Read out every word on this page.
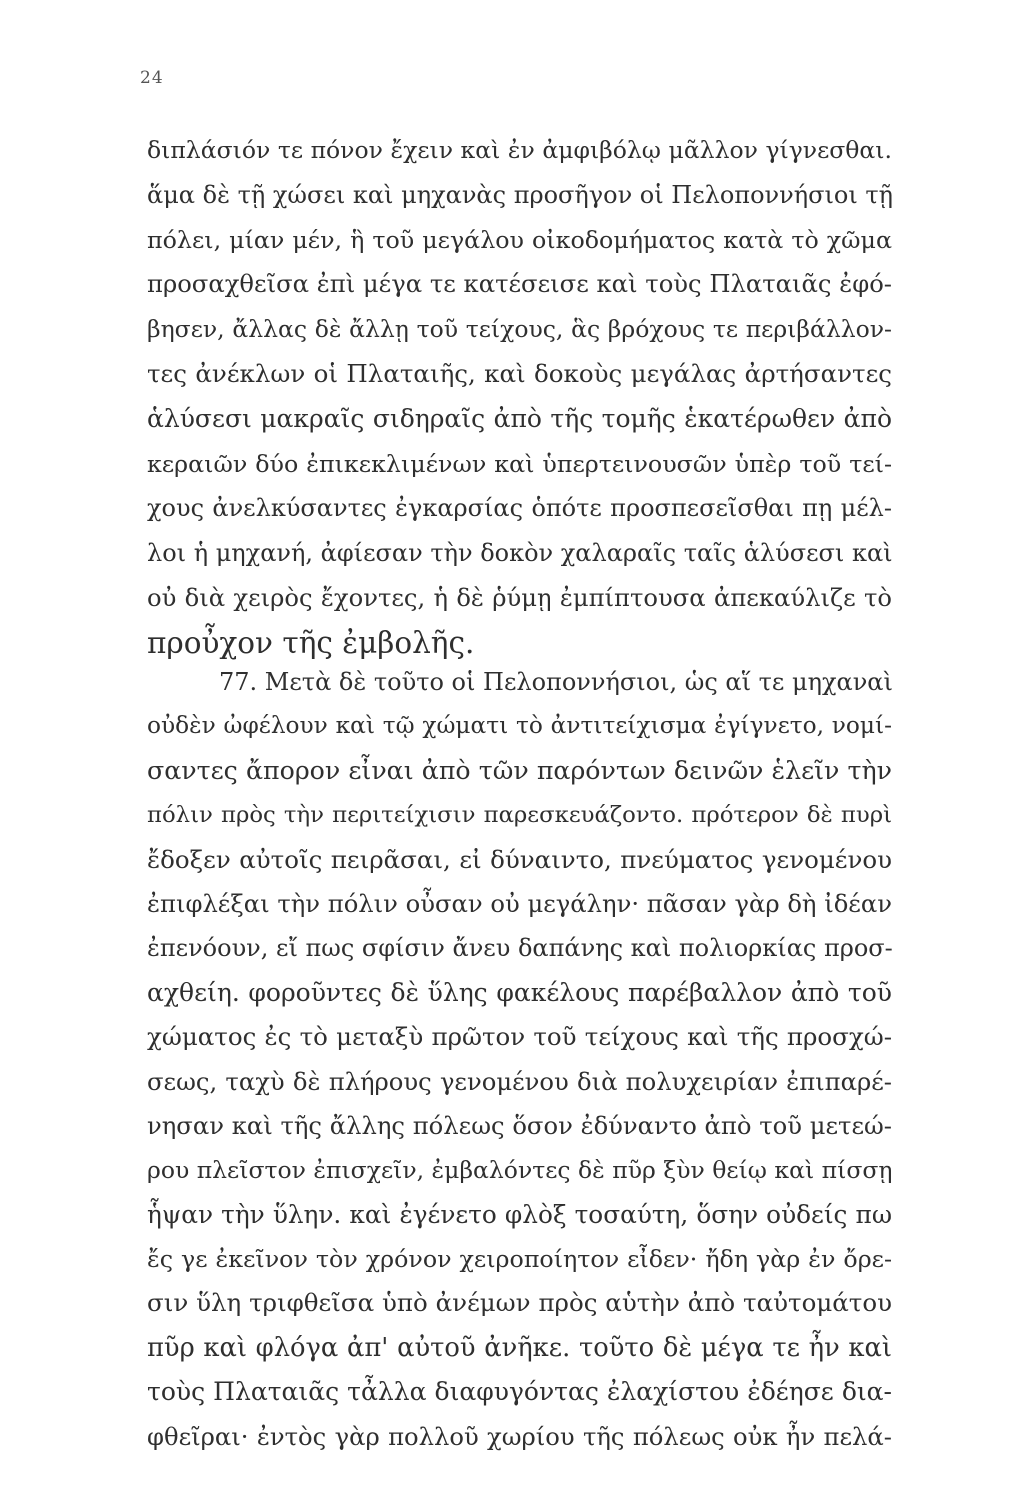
24
διπλάσιόν τε πόνον ἔχειν καὶ ἐν ἀμφιβόλῳ μᾶλλον γίγνεσθαι.
ἅμα δὲ τῇ χώσει καὶ μηχανὰς προσῆγον οἱ Πελοποννήσιοι τῇ
πόλει, μίαν μέν, ἣ τοῦ μεγάλου οἰκοδομήματος κατὰ τὸ χῶμα
προσαχθεῖσα ἐπὶ μέγα τε κατέσεισε καὶ τοὺς Πλαταιᾶς ἐφό-
βησεν, ἄλλας δὲ ἄλλῃ τοῦ τείχους, ἃς βρόχους τε περιβάλλον-
τες ἀνέκλων οἱ Πλαταιῆς, καὶ δοκοὺς μεγάλας ἀρτήσαντες
ἁλύσεσι μακραῖς σιδηραῖς ἀπὸ τῆς τομῆς ἑκατέρωθεν ἀπὸ
κεραιῶν δύο ἐπικεκλιμένων καὶ ὑπερτεινουσῶν ὑπὲρ τοῦ τεί-
χους ἀνελκύσαντες ἐγκαρσίας ὁπότε προσπεσεῖσθαι πῃ μέλ-
λοι ἡ μηχανή, ἀφίεσαν τὴν δοκὸν χαλαραῖς ταῖς ἁλύσεσι καὶ
οὐ διὰ χειρὸς ἔχοντες, ἡ δὲ ῥύμῃ ἐμπίπτουσα ἀπεκαύλιζε τὸ
προὖχον τῆς ἐμβολῆς.
77. Μετὰ δὲ τοῦτο οἱ Πελοποννήσιοι, ὡς αἵ τε μηχαναὶ
οὐδὲν ὠφέλουν καὶ τῷ χώματι τὸ ἀντιτείχισμα ἐγίγνετο, νομί-
σαντες ἄπορον εἶναι ἀπὸ τῶν παρόντων δεινῶν ἑλεῖν τὴν
πόλιν πρὸς τὴν περιτείχισιν παρεσκευάζοντο. πρότερον δὲ πυρὶ
ἔδοξεν αὐτοῖς πειρᾶσαι, εἰ δύναιντο, πνεύματος γενομένου
ἐπιφλέξαι τὴν πόλιν οὖσαν οὐ μεγάλην· πᾶσαν γὰρ δὴ ἰδέαν
ἐπενόουν, εἴ πως σφίσιν ἄνευ δαπάνης καὶ πολιορκίας προσ-
αχθείη. φοροῦντες δὲ ὕλης φακέλους παρέβαλλον ἀπὸ τοῦ
χώματος ἐς τὸ μεταξὺ πρῶτον τοῦ τείχους καὶ τῆς προσχώ-
σεως, ταχὺ δὲ πλήρους γενομένου διὰ πολυχειρίαν ἐπιπαρέ-
νησαν καὶ τῆς ἄλλης πόλεως ὅσον ἐδύναντο ἀπὸ τοῦ μετεώ-
ρου πλεῖστον ἐπισχεῖν, ἐμβαλόντες δὲ πῦρ ξὺν θείῳ καὶ πίσσῃ
ἧψαν τὴν ὕλην. καὶ ἐγένετο φλὸξ τοσαύτη, ὅσην οὐδείς πω
ἔς γε ἐκεῖνον τὸν χρόνον χειροποίητον εἶδεν· ἤδη γὰρ ἐν ὄρε-
σιν ὕλη τριφθεῖσα ὑπὸ ἀνέμων πρὸς αὑτὴν ἀπὸ ταὐτομάτου
πῦρ καὶ φλόγα ἀπ' αὐτοῦ ἀνῆκε. τοῦτο δὲ μέγα τε ἦν καὶ
τοὺς Πλαταιᾶς τἆλλα διαφυγόντας ἐλαχίστου ἐδέησε δια-
φθεῖραι· ἐντὸς γὰρ πολλοῦ χωρίου τῆς πόλεως οὐκ ἦν πελά-
